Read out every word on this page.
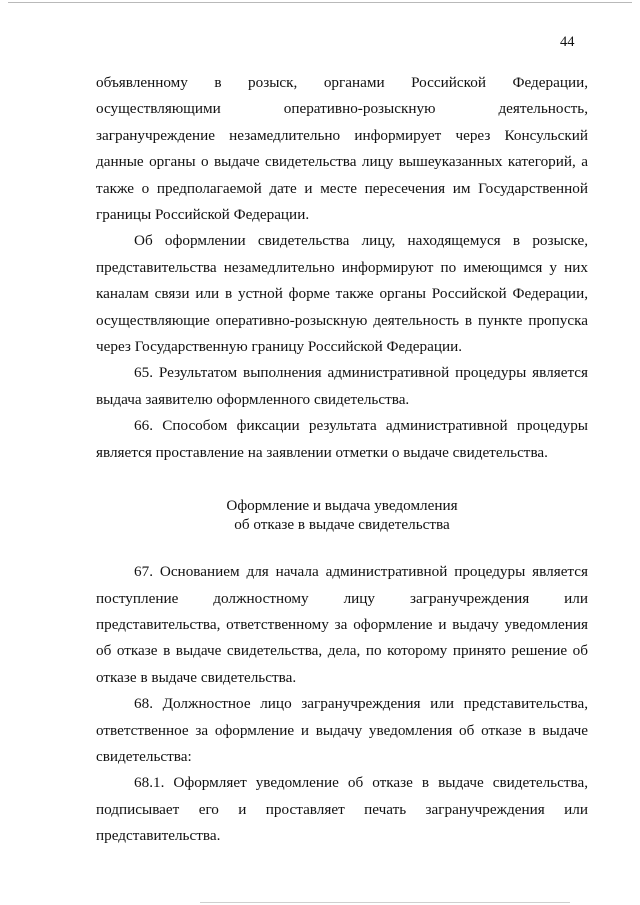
44

объявленному в розыск, органами Российской Федерации, осуществляющими оперативно-розыскную деятельность, загранучреждение незамедлительно информирует через Консульский данные органы о выдаче свидетельства лицу вышеуказанных категорий, а также о предполагаемой дате и месте пересечения им Государственной границы Российской Федерации.

Об оформлении свидетельства лицу, находящемуся в розыске, представительства незамедлительно информируют по имеющимся у них каналам связи или в устной форме также органы Российской Федерации, осуществляющие оперативно-розыскную деятельность в пункте пропуска через Государственную границу Российской Федерации.

65. Результатом выполнения административной процедуры является выдача заявителю оформленного свидетельства.

66. Способом фиксации результата административной процедуры является проставление на заявлении отметки о выдаче свидетельства.

Оформление и выдача уведомления
об отказе в выдаче свидетельства

67. Основанием для начала административной процедуры является поступление должностному лицу загранучреждения или представительства, ответственному за оформление и выдачу уведомления об отказе в выдаче свидетельства, дела, по которому принято решение об отказе в выдаче свидетельства.

68. Должностное лицо загранучреждения или представительства, ответственное за оформление и выдачу уведомления об отказе в выдаче свидетельства:

68.1. Оформляет уведомление об отказе в выдаче свидетельства, подписывает его и проставляет печать загранучреждения или представительства.
